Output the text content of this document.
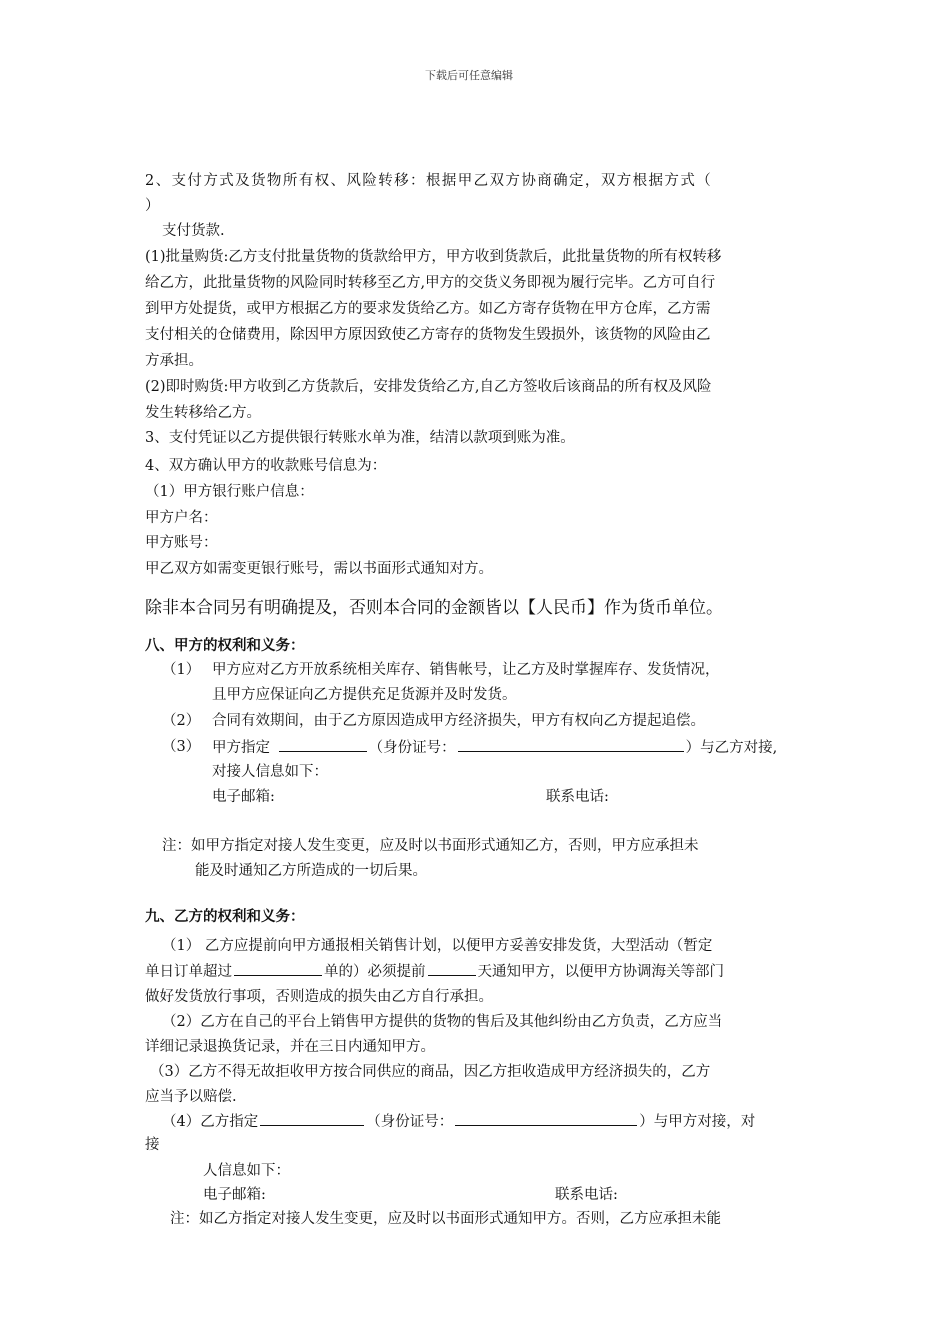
下载后可任意编辑
2、支付方式及货物所有权、风险转移：根据甲乙双方协商确定，双方根据方式（
）
支付货款.
(1)批量购货:乙方支付批量货物的货款给甲方，甲方收到货款后，此批量货物的所有权转移
给乙方，此批量货物的风险同时转移至乙方,甲方的交货义务即视为履行完毕。乙方可自行
到甲方处提货，或甲方根据乙方的要求发货给乙方。如乙方寄存货物在甲方仓库，乙方需
支付相关的仓储费用，除因甲方原因致使乙方寄存的货物发生毁损外，该货物的风险由乙
方承担。
(2)即时购货:甲方收到乙方货款后，安排发货给乙方,自乙方签收后该商品的所有权及风险
发生转移给乙方。
3、支付凭证以乙方提供银行转账水单为准，结清以款项到账为准。
4、双方确认甲方的收款账号信息为：
（1）甲方银行账户信息：
甲方户名：
甲方账号：
甲乙双方如需变更银行账号，需以书面形式通知对方。
除非本合同另有明确提及，否则本合同的金额皆以【人民币】作为货币单位。
八、甲方的权利和义务：
（1） 甲方应对乙方开放系统相关库存、销售帐号，让乙方及时掌握库存、发货情况，
且甲方应保证向乙方提供充足货源并及时发货。
（2） 合同有效期间，由于乙方原因造成甲方经济损失，甲方有权向乙方提起追偿。
（3） 甲方指定	（身份证号：	）与乙方对接,
对接人信息如下：
电子邮箱:	联系电话:
注：如甲方指定对接人发生变更，应及时以书面形式通知乙方，否则，甲方应承担未
能及时通知乙方所造成的一切后果。
九、乙方的权利和义务：
（1） 乙方应提前向甲方通报相关销售计划，以便甲方妥善安排发货，大型活动（暂定
单日订单超过	单的）必须提前	天通知甲方，以便甲方协调海关等部门
做好发货放行事项，否则造成的损失由乙方自行承担。
（2）乙方在自己的平台上销售甲方提供的货物的售后及其他纠纷由乙方负责，乙方应当
详细记录退换货记录，并在三日内通知甲方。
（3）乙方不得无故拒收甲方按合同供应的商品，因乙方拒收造成甲方经济损失的，乙方
应当予以赔偿.
（4）乙方指定	（身份证号：	）与甲方对接，对
接
人信息如下：
电子邮箱:	联系电话:
注：如乙方指定对接人发生变更，应及时以书面形式通知甲方。否则，乙方应承担未能
